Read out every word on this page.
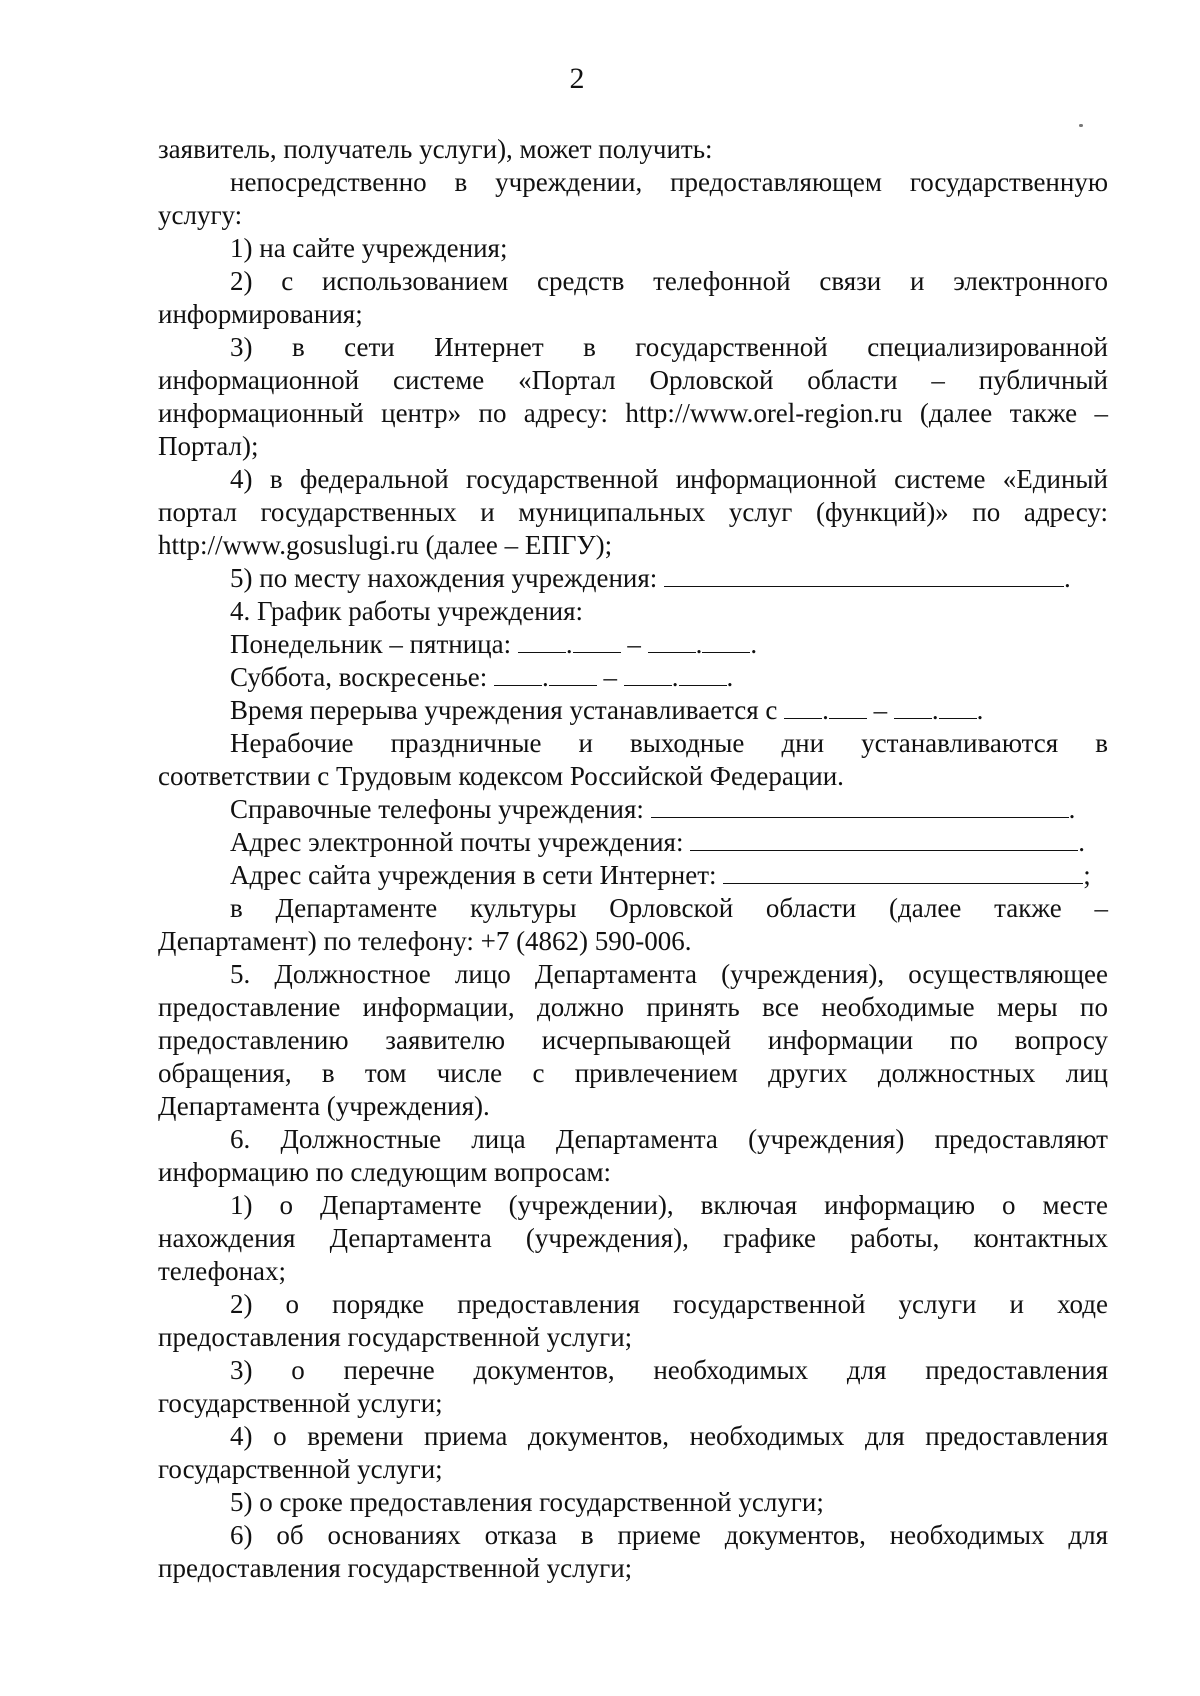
2
заявитель, получатель услуги), может получить:
непосредственно в учреждении, предоставляющем государственную
услугу:
1) на сайте учреждения;
2) с использованием средств телефонной связи и электронного
информирования;
3) в сети Интернет в государственной специализированной
информационной системе «Портал Орловской области – публичный
информационный центр» по адресу: http://www.orel-region.ru (далее также –
Портал);
4) в федеральной государственной информационной системе «Единый
портал государственных и муниципальных услуг (функций)» по адресу:
http://www.gosuslugi.ru (далее – ЕПГУ);
5) по месту нахождения учреждения:	.
4. График работы учреждения:
Понедельник – пятница: . – . .
Суббота, воскресенье: . – . .
Время перерыва учреждения устанавливается с . – . .
Нерабочие праздничные и выходные дни устанавливаются в
соответствии с Трудовым кодексом Российской Федерации.
Справочные телефоны учреждения:	.
Адрес электронной почты учреждения:	.
Адрес сайта учреждения в сети Интернет:	;
в Департаменте культуры Орловской области (далее также –
Департамент) по телефону: +7 (4862) 590-006.
5. Должностное лицо Департамента (учреждения), осуществляющее
предоставление информации, должно принять все необходимые меры по
предоставлению заявителю исчерпывающей информации по вопросу
обращения, в том числе с привлечением других должностных лиц
Департамента (учреждения).
6. Должностные лица Департамента (учреждения) предоставляют
информацию по следующим вопросам:
1) о Департаменте (учреждении), включая информацию о месте
нахождения Департамента (учреждения), графике работы, контактных
телефонах;
2) о порядке предоставления государственной услуги и ходе
предоставления государственной услуги;
3) о перечне документов, необходимых для предоставления
государственной услуги;
4) о времени приема документов, необходимых для предоставления
государственной услуги;
5) о сроке предоставления государственной услуги;
6) об основаниях отказа в приеме документов, необходимых для
предоставления государственной услуги;
